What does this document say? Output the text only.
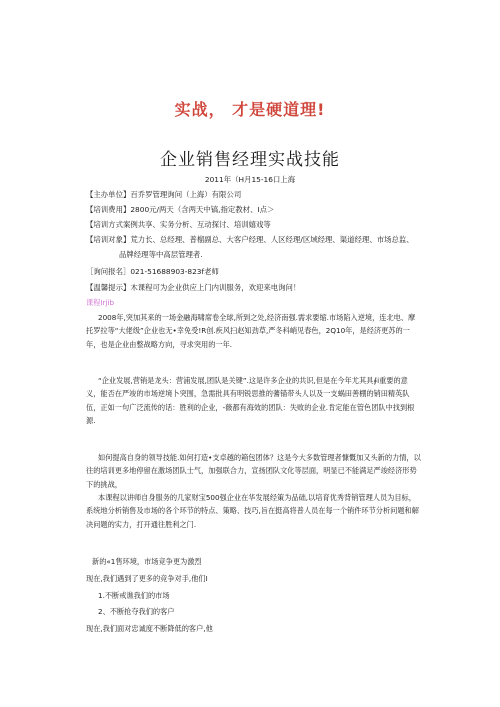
实战， 才是硬道理!
企业销售经理实战技能
2011年（H月15-16口上海
【主办单位】百乔罗管理询问（上海）有限公司
【培训费用】2800元/两天（含两天中镐,指定教材、I点＞
【培训方式案例共享、实务分析、互动探讨、培训嬉戏等
【培训对象】荒力长、总经理、普榴副总、大客户经理、人区经理/区域经理、渠道经理、市场总监、
品牌经理等中高层管理者.
［询问报名］021-51688903-823f老师
【温馨提示】木课程可为企业供应上门内训服务，欢迎来电询问！
课程Irjib

2008年,突加其来的一场金融海啸席卷全球,所到之处,经济南强.需求要缩.市场陷入逆境，连北电、摩托罗拉等“大佬级”企业也无•幸免受!R创.疾风扫赵知劲草,严冬科峭见春色，2Q10年，是经济更苏的一年，也是企业由整战略方向，寻求突用的一年.

“企业发展,营销是龙头：营浦发展,团队是关键”.这是许多企业的共识,但是在今年尤其具∮i重要的意义，能否在严竣的市场逆境卜突围，急需批具有明锐思推的蓍锚带头人以及一支蜗田善棚的销田精英队伍，正如一句广泛流传的话：胜利的企业，-薇都有海效的团队：失败的企业.肯定能在管色团队中找到根源.

如何提高自身的领导技能.如何打造•支卓越的箱包团体？这是今大多数管理者慷慨加又头新的力情，以往的培训更多地停留在激场团队士气，加强联合力，宣扬团队文化等层面，明显已不能满足严竣经济形势下的挑战，

本课程以讲师自身服务的几家财宝500强企业在华发展经策为品础,以培育优秀背销管理人员为目标，系统地分析销售及市场的各个环节的特点、策略、技巧,旨在挺高将普人员在每一个销件环节分析问题和解决问题的实力，打开通往胜利之门.

新的«1售环境，市场竞争更为激烈
现在,我们遇到了更多的竞争对手,他们I
1.不断戒谯我们的市场
2、不断抢夺我们的客户
现在,我们面对忠诚度不断降低的客户,他
